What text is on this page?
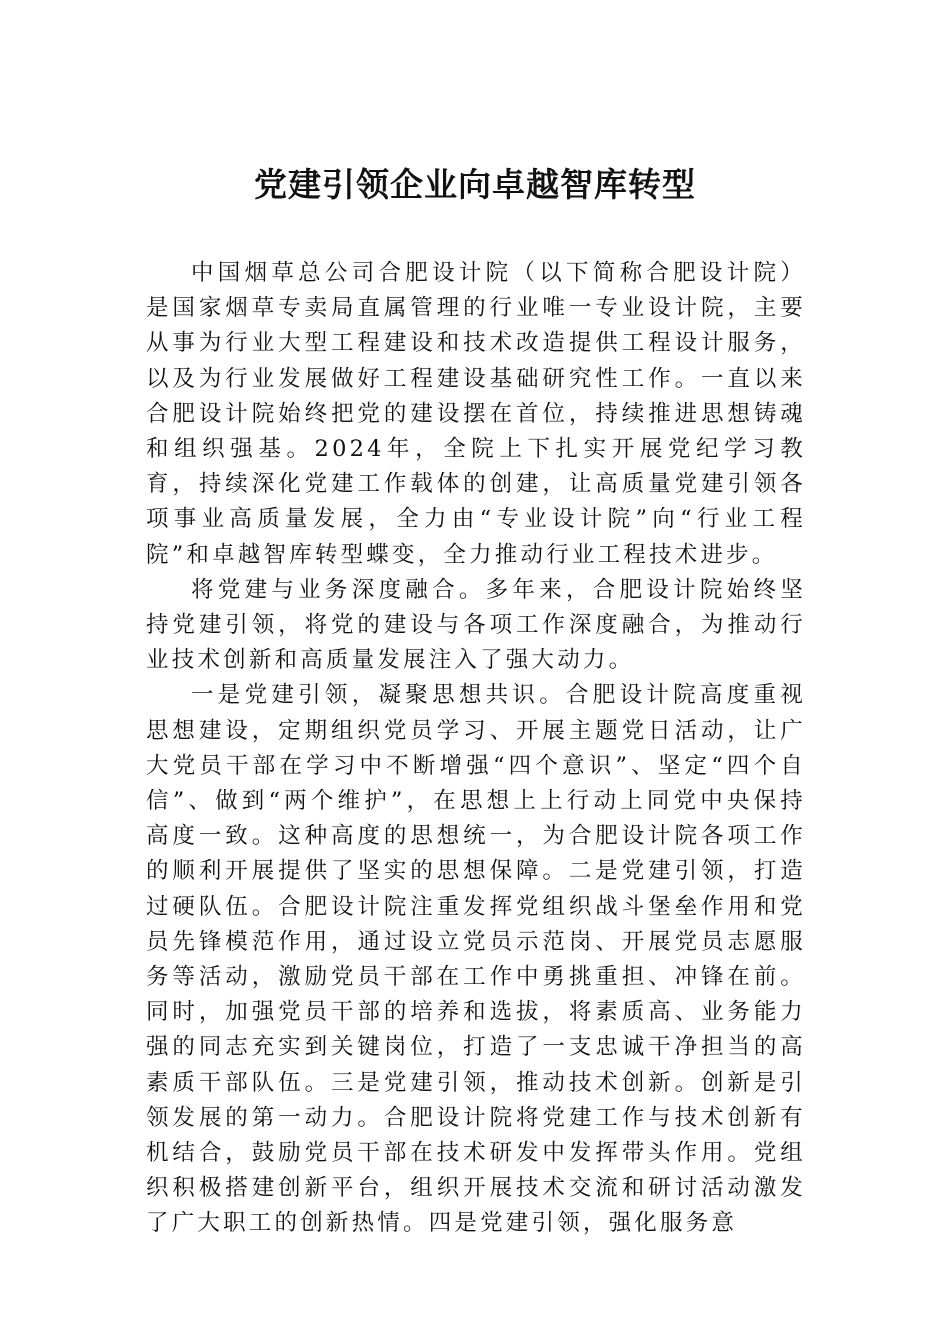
党建引领企业向卓越智库转型

中国烟草总公司合肥设计院（以下简称合肥设计院）是国家烟草专卖局直属管理的行业唯一专业设计院，主要从事为行业大型工程建设和技术改造提供工程设计服务，以及为行业发展做好工程建设基础研究性工作。一直以来合肥设计院始终把党的建设摆在首位，持续推进思想铸魂和组织强基。2024年，全院上下扎实开展党纪学习教育，持续深化党建工作载体的创建，让高质量党建引领各项事业高质量发展，全力由“专业设计院”向“行业工程院”和卓越智库转型蝶变，全力推动行业工程技术进步。

将党建与业务深度融合。多年来，合肥设计院始终坚持党建引领，将党的建设与各项工作深度融合，为推动行业技术创新和高质量发展注入了强大动力。

一是党建引领，凝聚思想共识。合肥设计院高度重视思想建设，定期组织党员学习、开展主题党日活动，让广大党员干部在学习中不断增强“四个意识”、坚定“四个自信”、做到“两个维护”，在思想上上行动上同党中央保持高度一致。这种高度的思想统一，为合肥设计院各项工作的顺利开展提供了坚实的思想保障。二是党建引领，打造过硬队伍。合肥设计院注重发挥党组织战斗堡垒作用和党员先锋模范作用，通过设立党员示范岗、开展党员志愿服务等活动，激励党员干部在工作中勇挑重担、冲锋在前。同时，加强党员干部的培养和选拔，将素质高、业务能力强的同志充实到关键岗位，打造了一支忠诚干净担当的高素质干部队伍。三是党建引领，推动技术创新。创新是引领发展的第一动力。合肥设计院将党建工作与技术创新有机结合，鼓励党员干部在技术研发中发挥带头作用。党组织积极搭建创新平台，组织开展技术交流和研讨活动激发了广大职工的创新热情。四是党建引领，强化服务意
